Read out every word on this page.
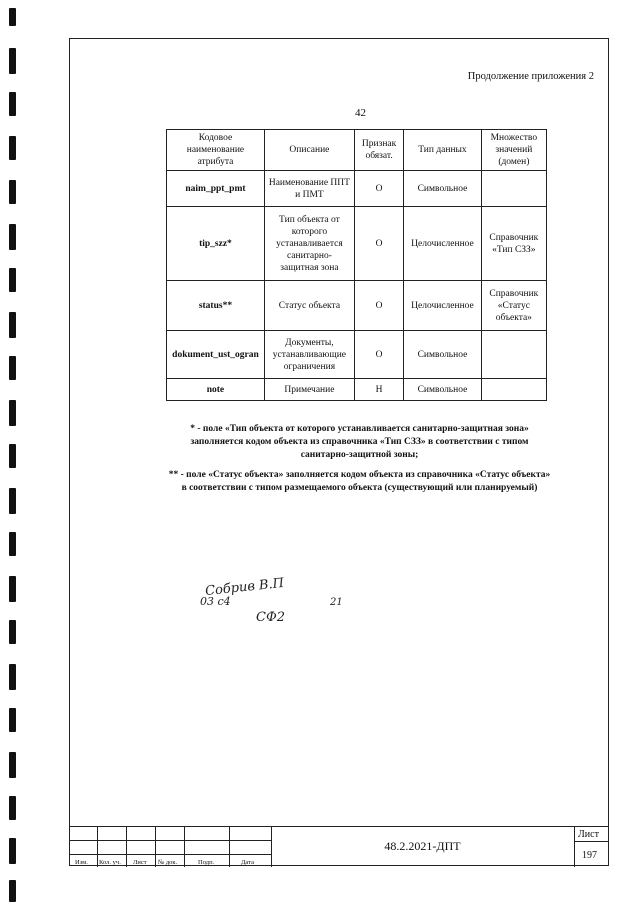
Продолжение приложения 2
42
Кодовое наименование атрибута	Описание	Признак обязат.	Тип данных	Множество значений (домен)
naim_ppt_pmt	Наименование ППТ и ПМТ	О	Символьное	
tip_szz*	Тип объекта от которого устанавливается санитарно-защитная зона	О	Целочисленное	Справочник «Тип СЗЗ»
status**	Статус объекта	О	Целочисленное	Справочник «Статус объекта»
dokument_ust_ogran	Документы, устанавливающие ограничения	О	Символьное	
note	Примечание	Н	Символьное	

* - поле «Тип объекта от которого устанавливается санитарно-защитная зона» заполняется кодом объекта из справочника «Тип СЗЗ» в соответствии с типом санитарно-защитной зоны;

** - поле «Статус объекта» заполняется кодом объекта из справочника «Статус объекта» в соответствии с типом размещаемого объекта (существующий или планируемый)

Собрив В.П
03 с4
СФ2
21
Изм. Кол. уч. Лист № док.	Подп.	Дата
48.2.2021-ДПТ
Лист
197
